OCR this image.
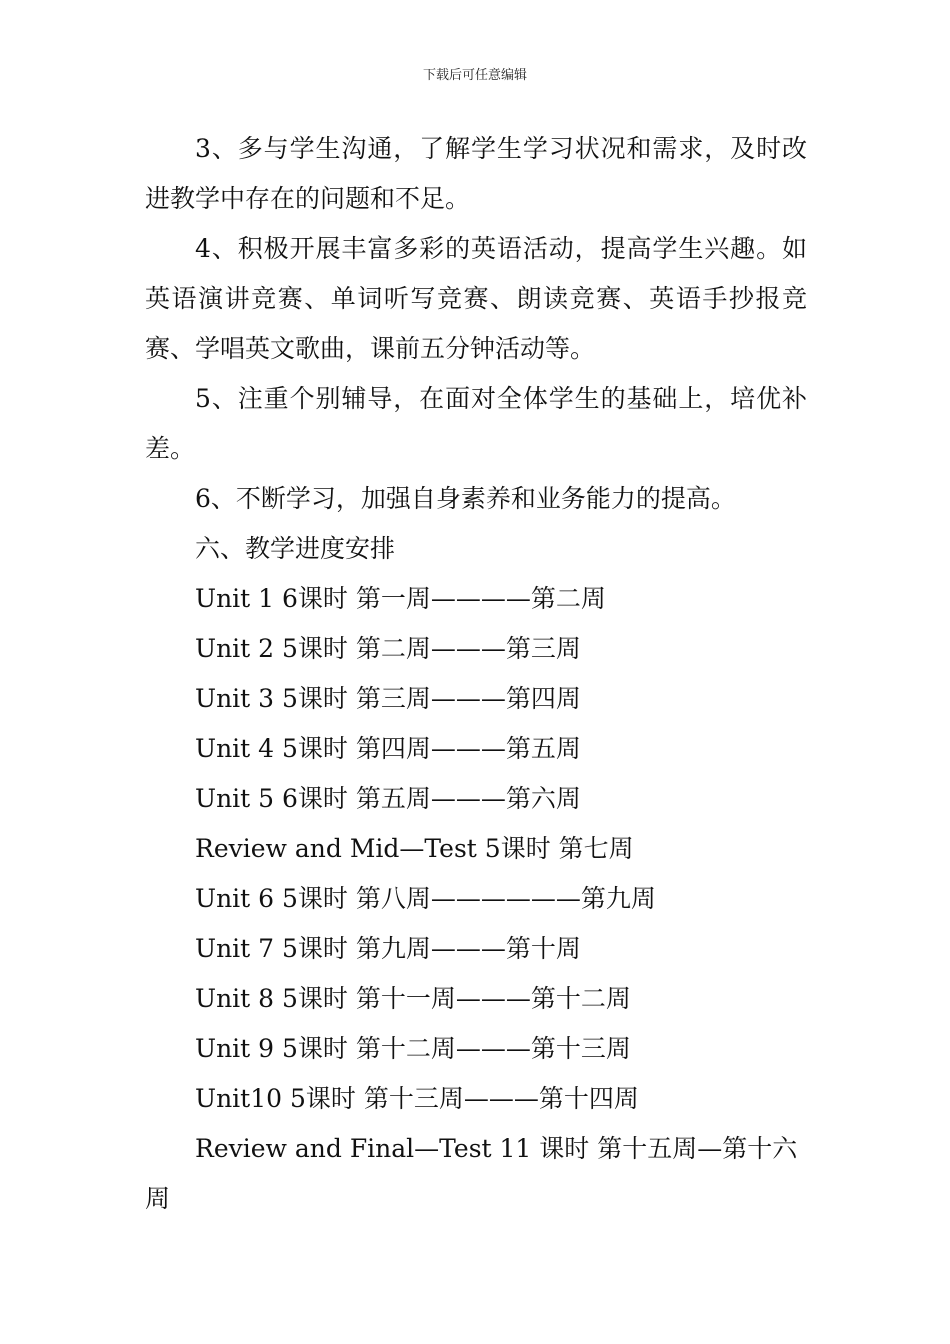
下载后可任意编辑

3、多与学生沟通，了解学生学习状况和需求，及时改进教学中存在的问题和不足。

4、积极开展丰富多彩的英语活动，提高学生兴趣。如英语演讲竞赛、单词听写竞赛、朗读竞赛、英语手抄报竞赛、学唱英文歌曲，课前五分钟活动等。

5、注重个别辅导，在面对全体学生的基础上，培优补差。

6、不断学习，加强自身素养和业务能力的提高。

六、教学进度安排

Unit 1 6课时 第一周————第二周

Unit 2 5课时 第二周———第三周

Unit 3 5课时 第三周———第四周

Unit 4 5课时 第四周———第五周

Unit 5 6课时 第五周———第六周

Review and Mid—Test 5课时 第七周

Unit 6 5课时 第八周——————第九周

Unit 7 5课时 第九周———第十周

Unit 8 5课时 第十一周———第十二周

Unit 9 5课时 第十二周———第十三周

Unit10 5课时 第十三周———第十四周

Review and Final—Test 11 课时 第十五周—第十六
周
